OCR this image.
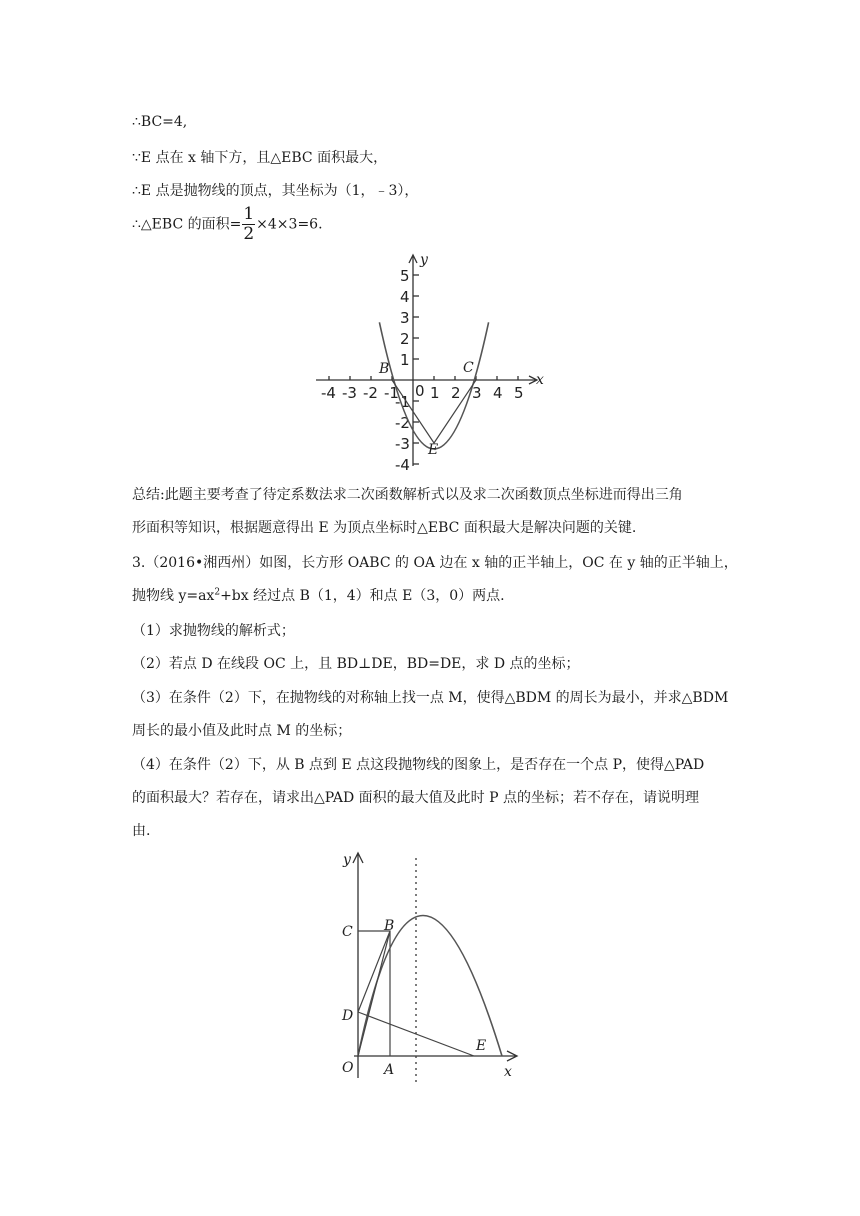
∴BC=4,
∵E 点在 x 轴下方，且△EBC 面积最大，
∴E 点是抛物线的顶点，其坐标为（1，﹣3），
∴△EBC 的面积= $\frac{1}{2} \times 4\times 3=6$.
-4 -3 -2 -1 0 1 2 3 4 5
5
4
3
2
1
-1
-2
-3
-4
x
y
B	C
E
总结:此题主要考查了待定系数法求二次函数解析式以及求二次函数顶点坐标进而得出三角
形面积等知识，根据题意得出 E 为顶点坐标时△EBC 面积最大是解决问题的关键.
3.（2016•湘西州）如图，长方形 OABC 的 OA 边在 x 轴的正半轴上，OC 在 y 轴的正半轴上，
抛物线 $y=ax^2+bx$ 经过点 B（1，4）和点 E（3，0）两点.
（1）求抛物线的解析式；
（2）若点 D 在线段 OC 上，且 BD⊥DE，BD=DE，求 D 点的坐标；
（3）在条件（2）下，在抛物线的对称轴上找一点 M，使得△BDM 的周长为最小，并求△BDM
周长的最小值及此时点 M 的坐标；
（4）在条件（2）下，从 B 点到 E 点这段抛物线的图象上，是否存在一个点 P，使得△PAD
的面积最大？若存在，请求出△PAD 面积的最大值及此时 P 点的坐标；若不存在，请说明理
由.
y
x
C B
D
O A
E
